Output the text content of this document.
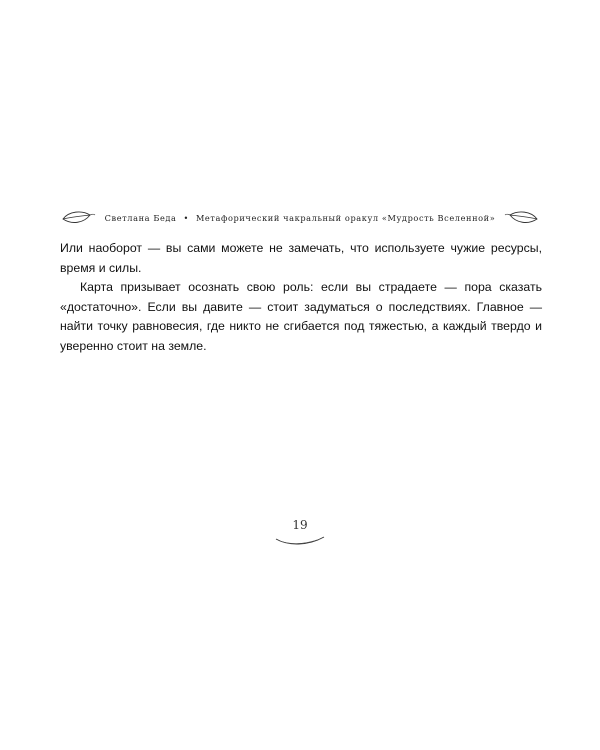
Светлана Беда • Метафорический чакральный оракул «Мудрость Вселенной»

Или наоборот — вы сами можете не замечать, что используете чужие ресурсы, время и силы.

Карта призывает осознать свою роль: если вы страдаете — пора сказать «достаточно». Если вы давите — стоит задуматься о последствиях. Главное — найти точку равновесия, где никто не сгибается под тяжестью, а каждый твердо и уверенно стоит на земле.

19
